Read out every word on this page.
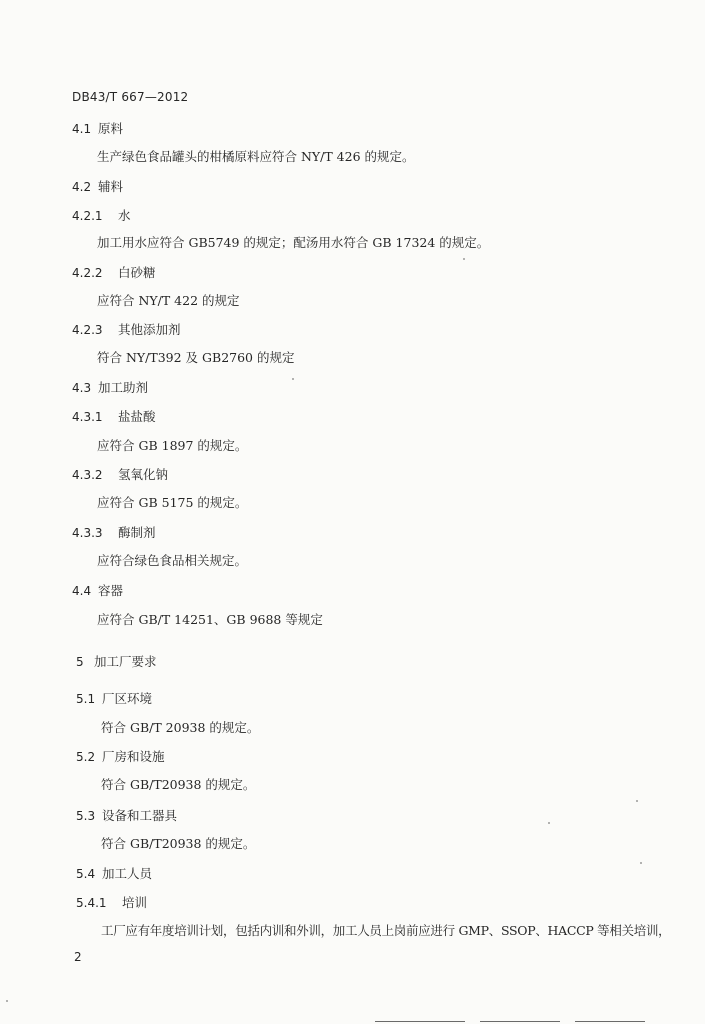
DB43/T 667—2012
4.1 原料
生产绿色食品罐头的柑橘原料应符合 NY/T 426 的规定。
4.2 辅料
4.2.1 水
加工用水应符合 GB5749 的规定；配汤用水符合 GB 17324 的规定。
4.2.2 白砂糖
应符合 NY/T 422 的规定
4.2.3 其他添加剂
符合 NY/T392 及 GB2760 的规定
4.3 加工助剂
4.3.1 盐盐酸
应符合 GB 1897 的规定。
4.3.2 氢氧化钠
应符合 GB 5175 的规定。
4.3.3 酶制剂
应符合绿色食品相关规定。
4.4 容器
应符合 GB/T 14251、GB 9688 等规定
5 加工厂要求
5.1 厂区环境
符合 GB/T 20938 的规定。
5.2 厂房和设施
符合 GB/T20938 的规定。
5.3 设备和工器具
符合 GB/T20938 的规定。
5.4 加工人员
5.4.1 培训
工厂应有年度培训计划，包括内训和外训，加工人员上岗前应进行 GMP、SSOP、HACCP 等相关培训，
2
